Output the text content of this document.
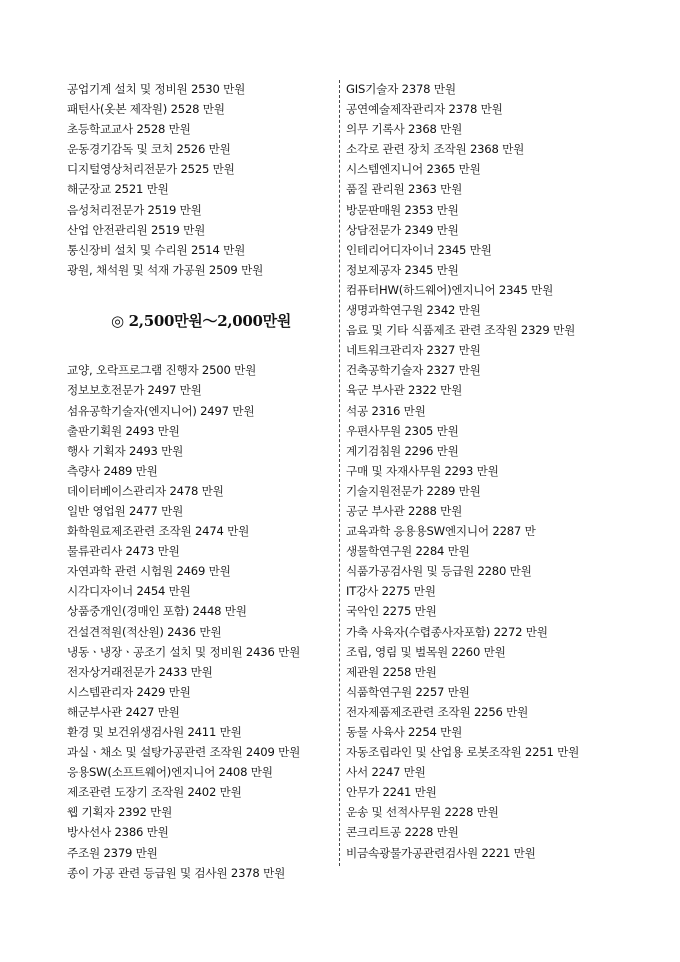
공업기계 설치 및 정비원 2530 만원
패턴사(옷본 제작원) 2528 만원
초등학교교사 2528 만원
운동경기감독 및 코치 2526 만원
디지털영상처리전문가 2525 만원
해군장교 2521 만원
음성처리전문가 2519 만원
산업 안전관리원 2519 만원
통신장비 설치 및 수리원 2514 만원
광원, 채석원 및 석재 가공원 2509 만원
◎ 2,500만원～2,000만원
교양, 오락프로그램 진행자 2500 만원
정보보호전문가 2497 만원
섬유공학기술자(엔지니어) 2497 만원
출판기획원 2493 만원
행사 기획자 2493 만원
측량사 2489 만원
데이터베이스관리자 2478 만원
일반 영업원 2477 만원
화학원료제조관련 조작원 2474 만원
물류관리사 2473 만원
자연과학 관련 시험원 2469 만원
시각디자이너 2454 만원
상품중개인(경매인 포함) 2448 만원
건설견적원(적산원) 2436 만원
냉동ㆍ냉장ㆍ공조기 설치 및 정비원 2436 만원
전자상거래전문가 2433 만원
시스템관리자 2429 만원
해군부사관 2427 만원
환경 및 보건위생검사원 2411 만원
과실ㆍ채소 및 설탕가공관련 조작원 2409 만원
응용SW(소프트웨어)엔지니어 2408 만원
제조관련 도장기 조작원 2402 만원
웹 기획자 2392 만원
방사선사 2386 만원
주조원 2379 만원
종이 가공 관련 등급원 및 검사원 2378 만원
GIS기술자 2378 만원
공연예술제작관리자 2378 만원
의무 기록사 2368 만원
소각로 관련 장치 조작원 2368 만원
시스템엔지니어 2365 만원
품질 관리원 2363 만원
방문판매원 2353 만원
상담전문가 2349 만원
인테리어디자이너 2345 만원
정보제공자 2345 만원
컴퓨터HW(하드웨어)엔지니어 2345 만원
생명과학연구원 2342 만원
음료 및 기타 식품제조 관련 조작원 2329 만원
네트워크관리자 2327 만원
건축공학기술자 2327 만원
육군 부사관 2322 만원
석공 2316 만원
우편사무원 2305 만원
계기검침원 2296 만원
구매 및 자재사무원 2293 만원
기술지원전문가 2289 만원
공군 부사관 2288 만원
교육과학 응용용SW엔지니어 2287 만
생물학연구원 2284 만원
식품가공검사원 및 등급원 2280 만원
IT강사 2275 만원
국악인 2275 만원
가축 사육자(수렵종사자포함) 2272 만원
조립, 영림 및 벌목원 2260 만원
제관원 2258 만원
식품학연구원 2257 만원
전자제품제조관련 조작원 2256 만원
동물 사육사 2254 만원
자동조립라인 및 산업용 로봇조작원 2251 만원
사서 2247 만원
안무가 2241 만원
운송 및 선적사무원 2228 만원
콘크리트공 2228 만원
비금속광물가공관련검사원 2221 만원
